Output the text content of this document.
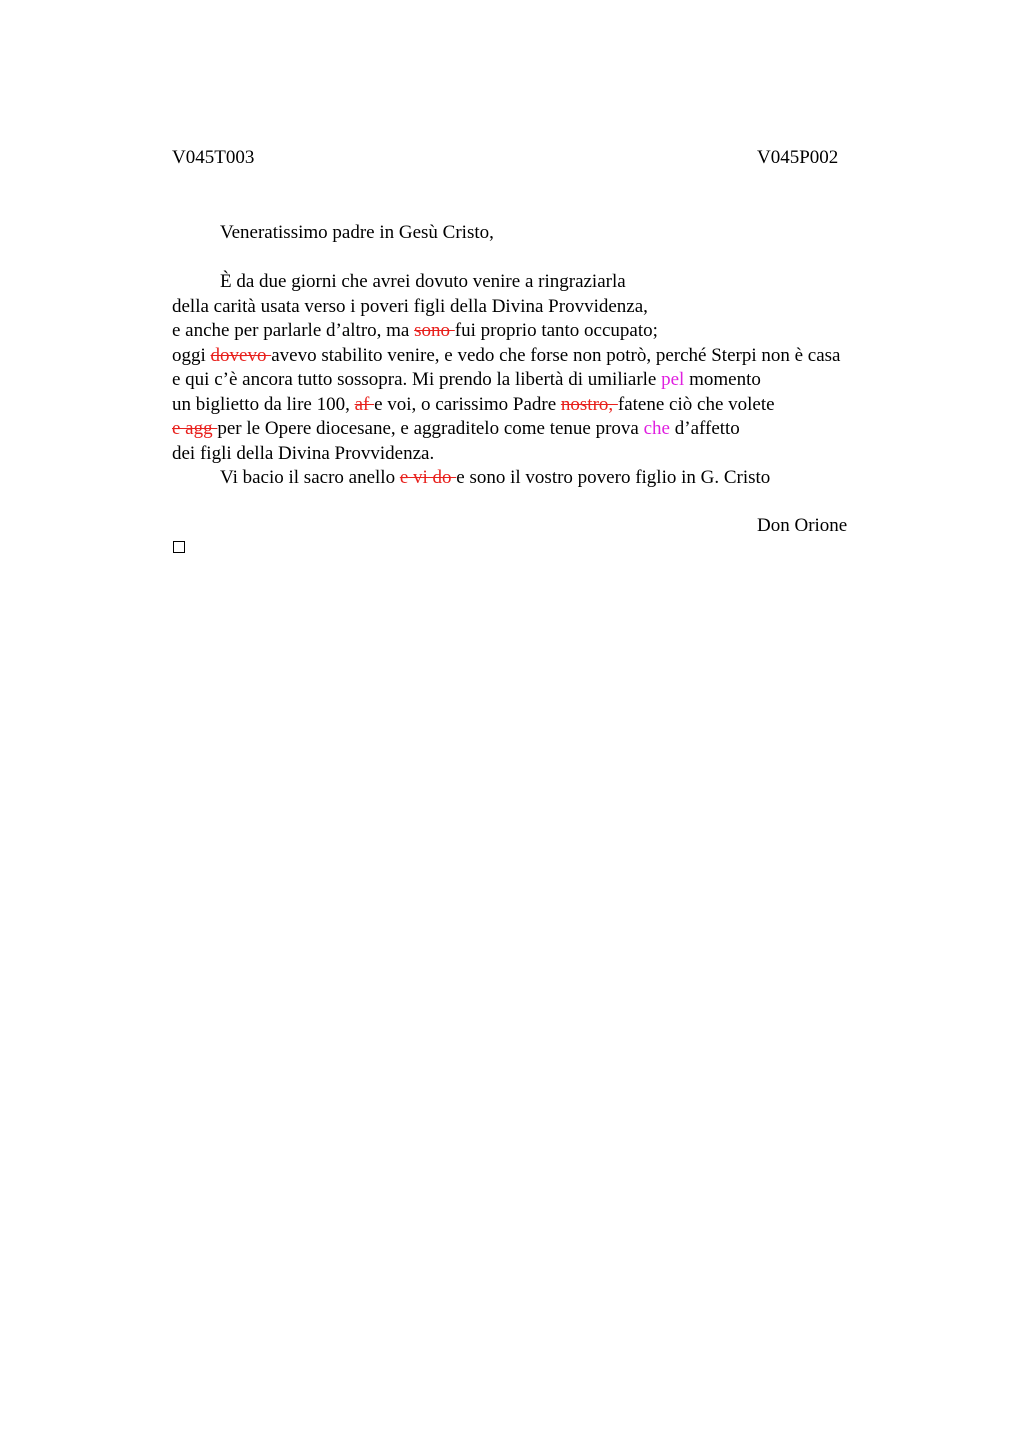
V045T003	V045P002
Veneratissimo padre in Gesù Cristo,
È da due giorni che avrei dovuto venire a ringraziarla
della carità usata verso i poveri figli della Divina Provvidenza,
e anche per parlarle d’altro, ma sono fui proprio tanto occupato;
oggi dovevo avevo stabilito venire, e vedo che forse non potrò, perché Sterpi non è casa
e qui c’è ancora tutto sossopra. Mi prendo la libertà di umiliarle pel momento
un biglietto da lire 100, af e voi, o carissimo Padre nostro, fatene ciò che volete
e agg per le Opere diocesane, e aggraditelo come tenue prova che d’affetto
dei figli della Divina Provvidenza.
Vi bacio il sacro anello e vi do e sono il vostro povero figlio in G. Cristo
Don Orione
